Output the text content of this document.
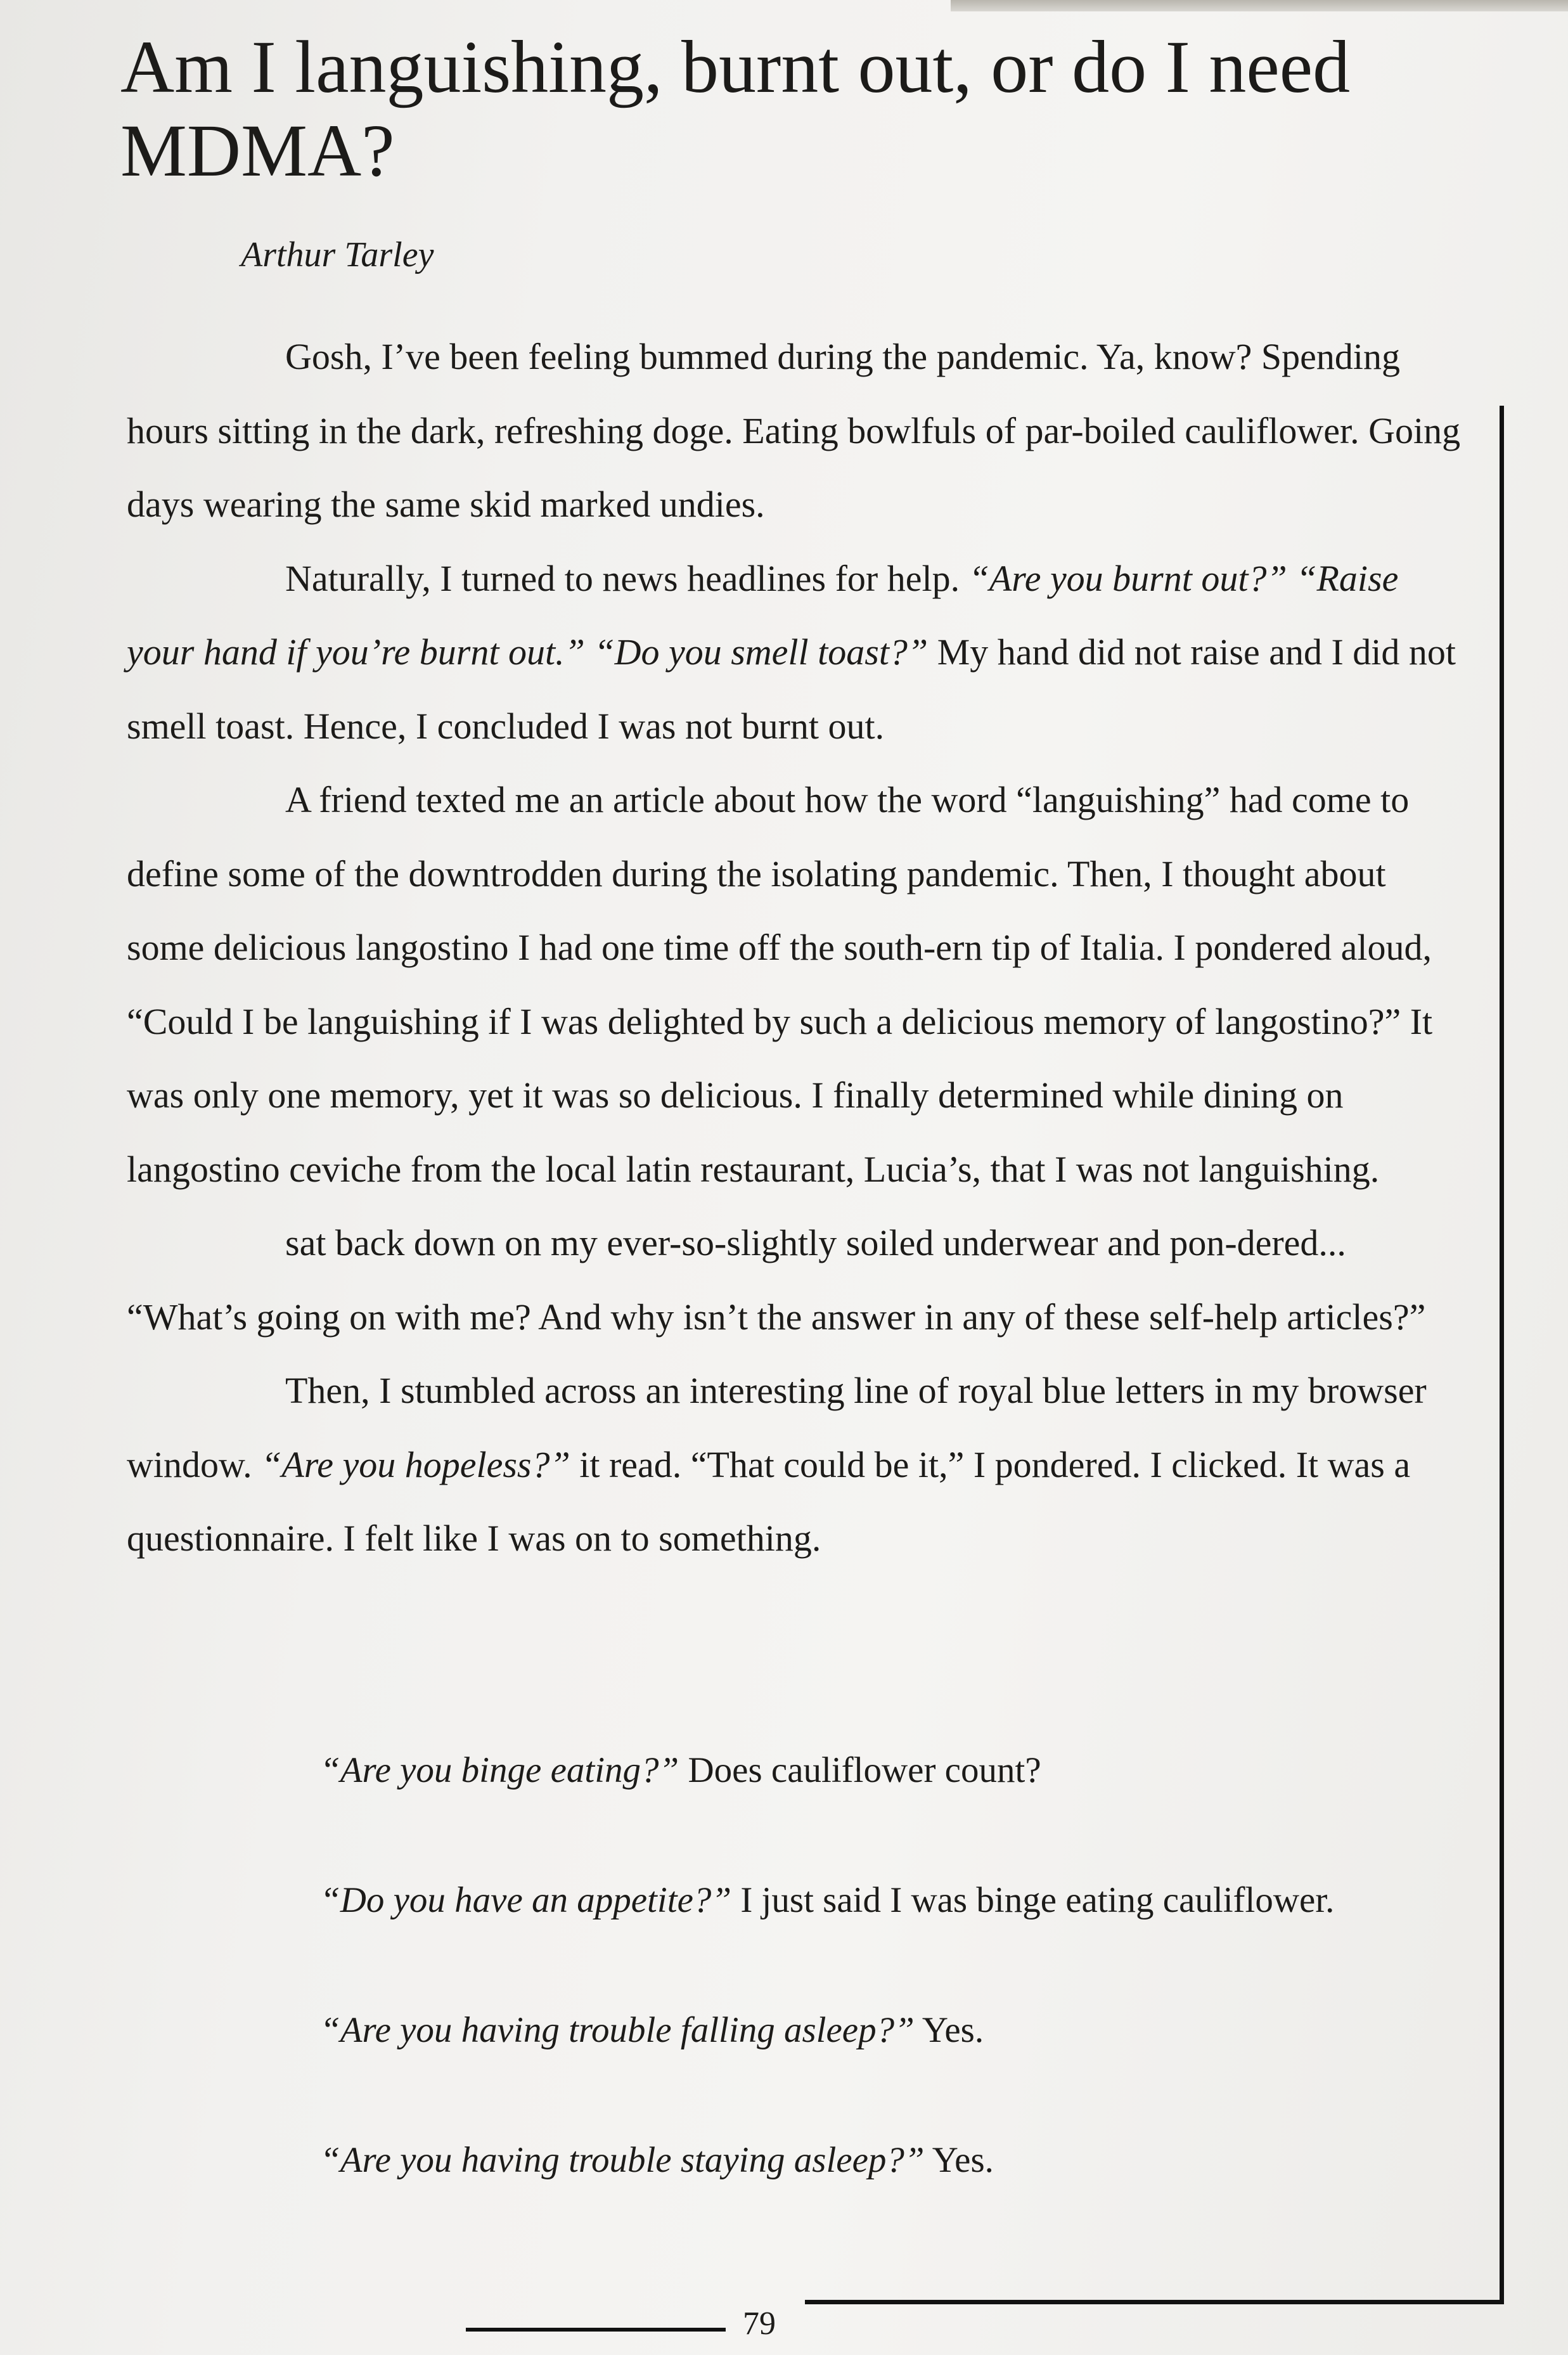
Am I languishing, burnt out, or do I need MDMA?
Arthur Tarley

Gosh, I’ve been feeling bummed during the pandemic. Ya, know? Spending hours sitting in the dark, refreshing doge. Eating bowlfuls of par-boiled cauliflower. Going days wearing the same skid marked undies.

Naturally, I turned to news headlines for help. “Are you burnt out?” “Raise your hand if you’re burnt out.” “Do you smell toast?” My hand did not raise and I did not smell toast. Hence, I concluded I was not burnt out.

A friend texted me an article about how the word “languishing” had come to define some of the downtrodden during the isolating pandemic. Then, I thought about some delicious langostino I had one time off the south-ern tip of Italia. I pondered aloud, “Could I be languishing if I was delighted by such a delicious memory of langostino?” It was only one memory, yet it was so delicious. I finally determined while dining on langostino ceviche from the local latin restaurant, Lucia’s, that I was not languishing.

sat back down on my ever-so-slightly soiled underwear and pon-dered... “What’s going on with me? And why isn’t the answer in any of these self-help articles?”

Then, I stumbled across an interesting line of royal blue letters in my browser window. “Are you hopeless?” it read. “That could be it,” I pondered. I clicked. It was a questionnaire. I felt like I was on to something.

“Are you binge eating?” Does cauliflower count?
“Do you have an appetite?” I just said I was binge eating cauliflower.
“Are you having trouble falling asleep?” Yes.
“Are you having trouble staying asleep?” Yes.
79
